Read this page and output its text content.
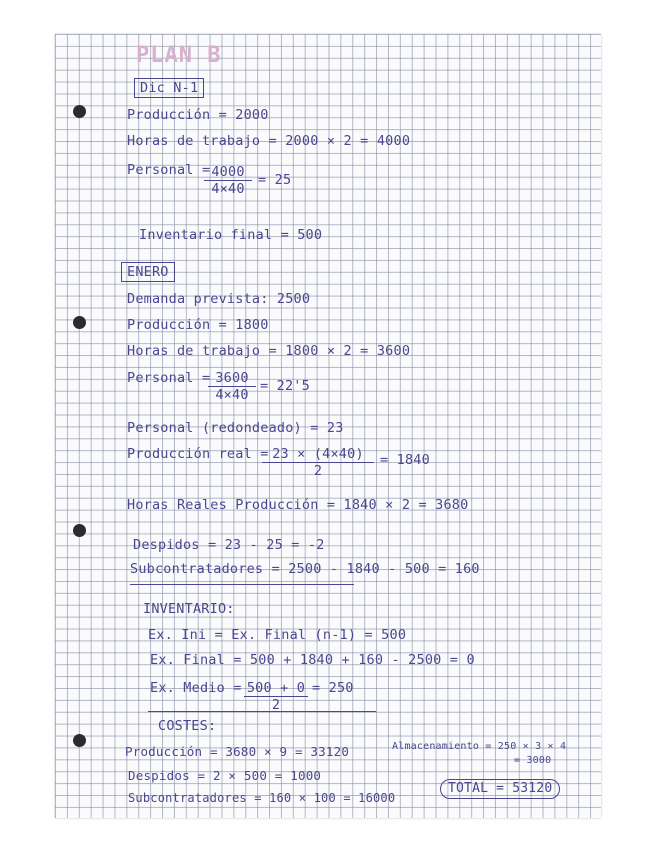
PLAN B
Dic N-1
Producción = 2000
Horas de trabajo = 2000 × 2 = 4000
Personal =
$\frac{4000}{4\times 40} = 25$
Inventario final = 500
ENERO
Demanda prevista: 2500
Producción = 1800
Horas de trabajo = 1800 × 2 = 3600
Personal =
$\frac{3600}{4\times 40} = 22'5$
Personal (redondeado) = 23
Producción real =
$\frac{23 \times (4\times 40)}{2} = 1840$
Horas Reales Producción = 1840 × 2 = 3680
Despidos = 23 - 25 = -2
Subcontratadores = 2500 - 1840 - 500 = 160
INVENTARIO:
Ex. Ini = Ex. Final (n-1) = 500
Ex. Final = 500 + 1840 + 160 - 2500 = 0
Ex. Medio = $\frac{500 + 0}{2} = 250$
COSTES:
Producción = 3680 × 9 = 33120	Almacenamiento = 250 × 3 × 4
= 3000
Despidos = 2 × 500 = 1000
Subcontratadores = 160 × 100 = 16000
TOTAL = 53120
